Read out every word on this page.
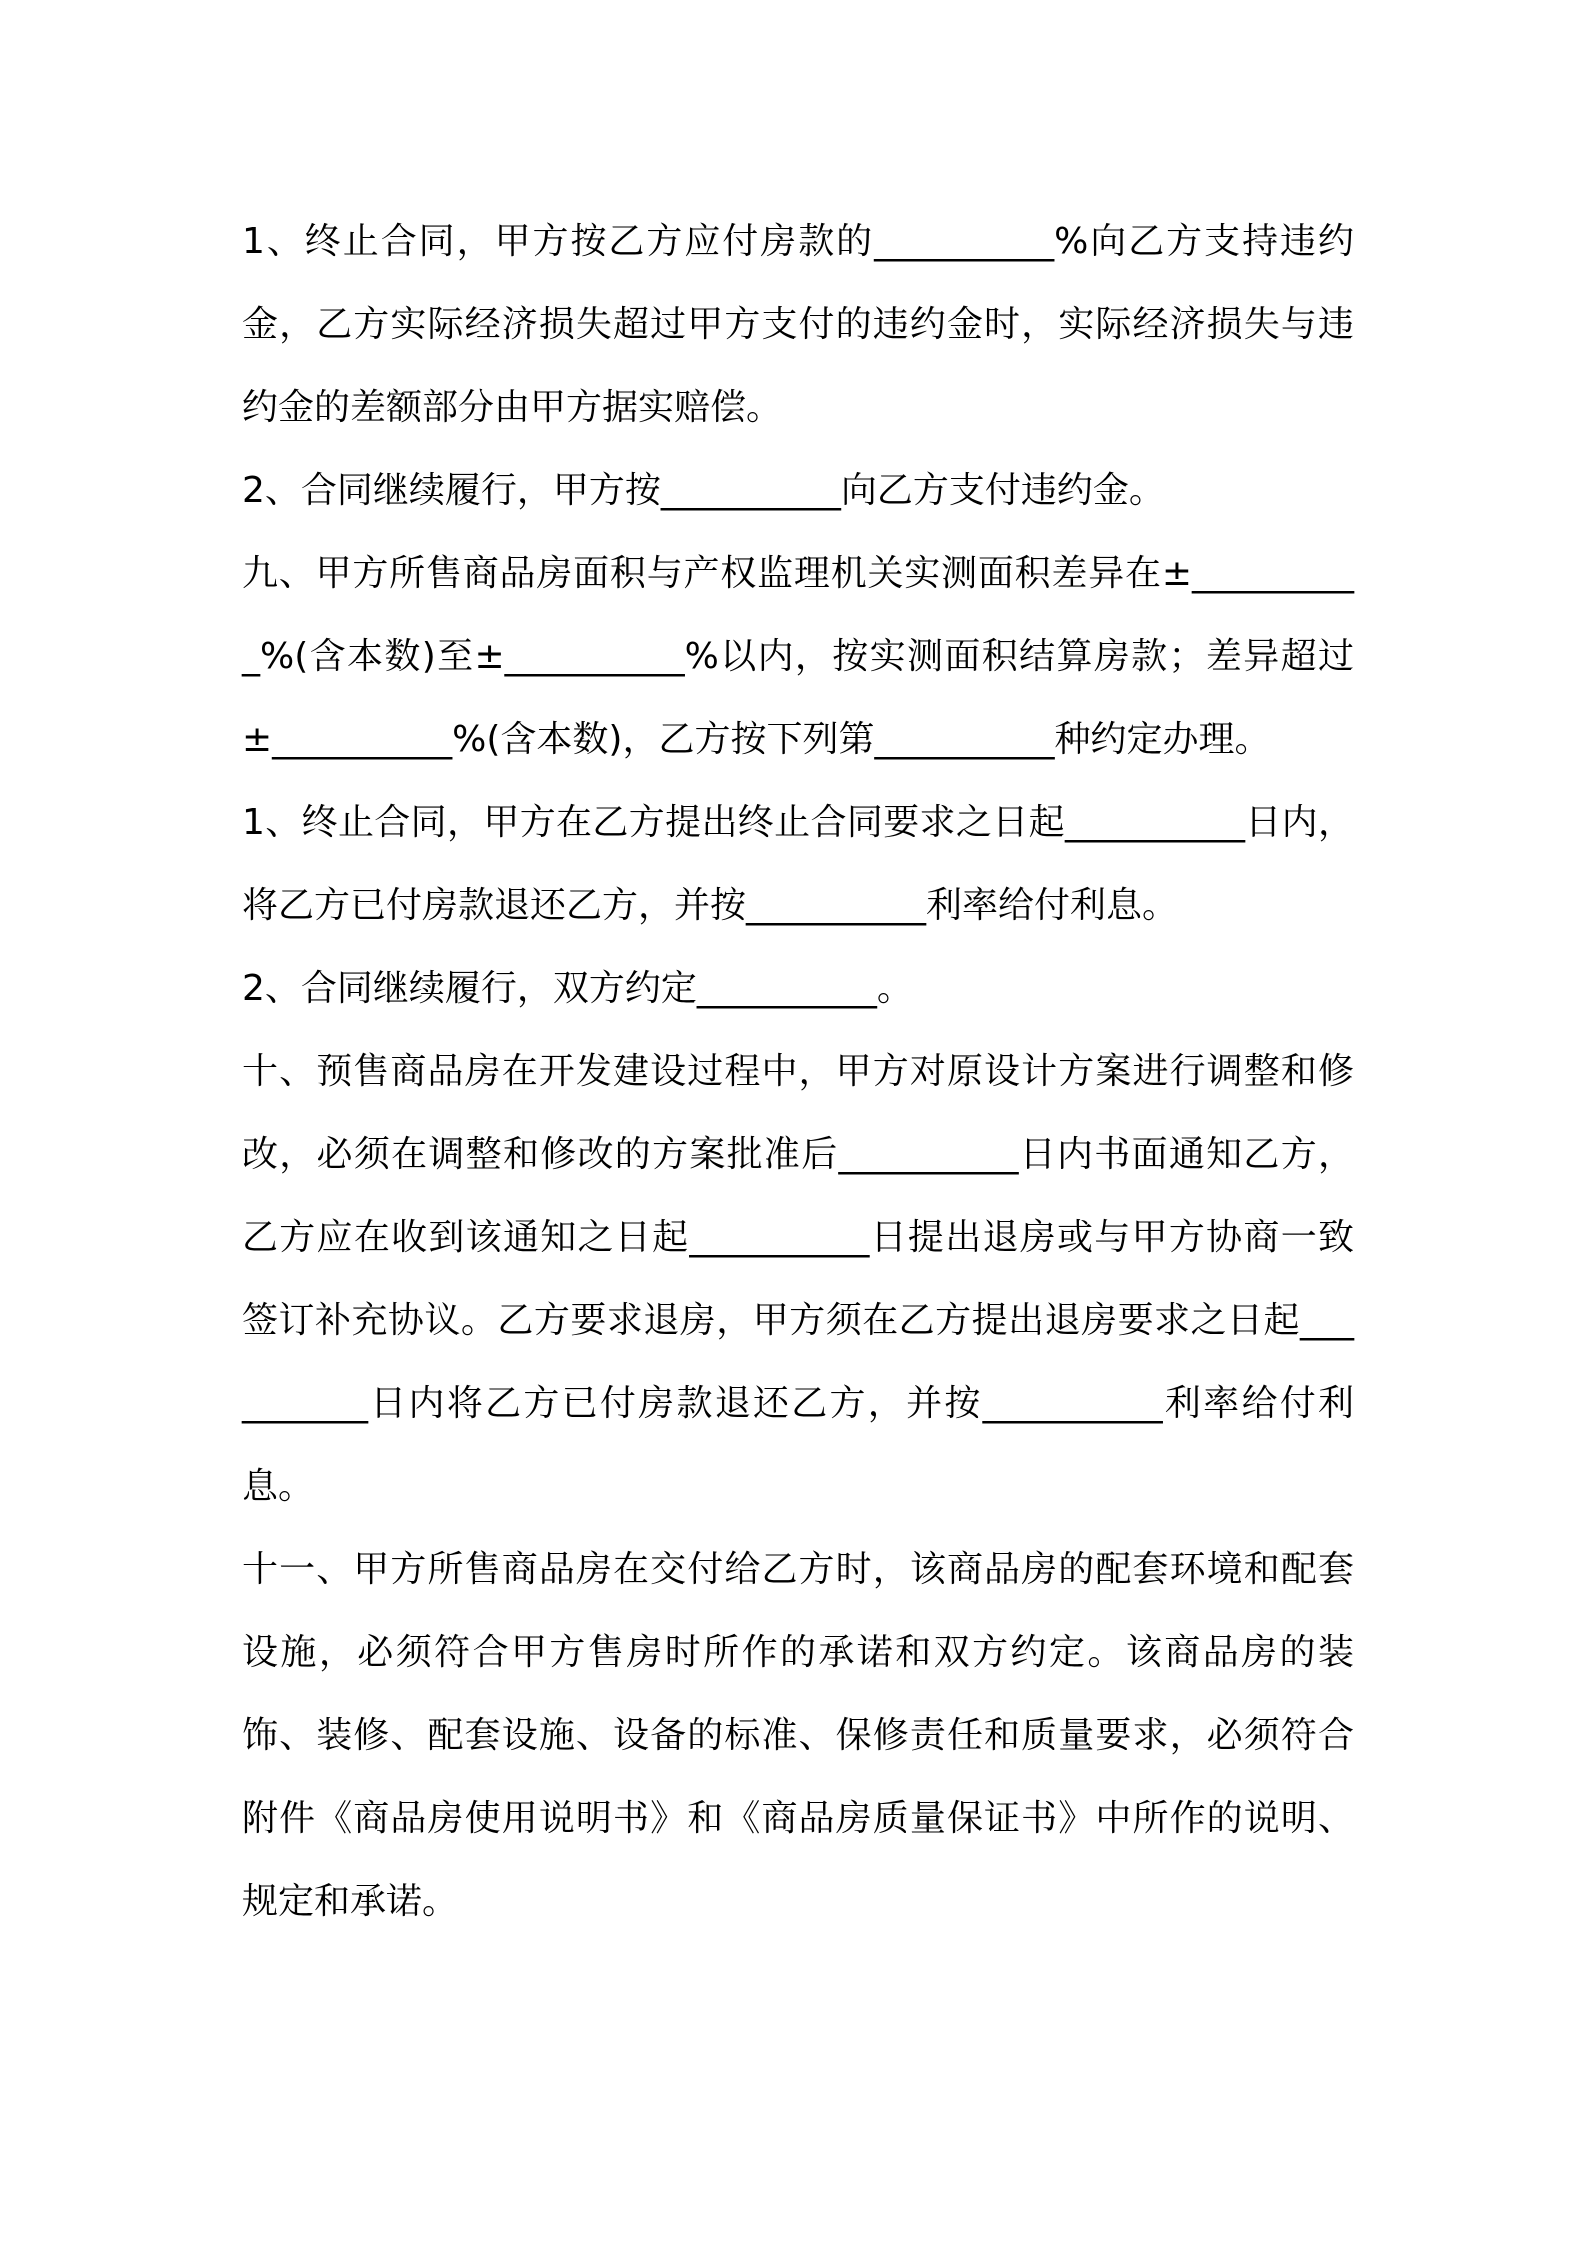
1、终止合同，甲方按乙方应付房款的__________%向乙方支持违约金，乙方实际经济损失超过甲方支付的违约金时，实际经济损失与违约金的差额部分由甲方据实赔偿。

2、合同继续履行，甲方按__________向乙方支付违约金。

九、甲方所售商品房面积与产权监理机关实测面积差异在±__________%(含本数)至±__________%以内，按实测面积结算房款；差异超过±__________%(含本数)，乙方按下列第__________种约定办理。

1、终止合同，甲方在乙方提出终止合同要求之日起__________日内，将乙方已付房款退还乙方，并按__________利率给付利息。

2、合同继续履行，双方约定__________。

十、预售商品房在开发建设过程中，甲方对原设计方案进行调整和修改，必须在调整和修改的方案批准后__________日内书面通知乙方，乙方应在收到该通知之日起__________日提出退房或与甲方协商一致签订补充协议。乙方要求退房，甲方须在乙方提出退房要求之日起__________日内将乙方已付房款退还乙方，并按__________利率给付利息。

十一、甲方所售商品房在交付给乙方时，该商品房的配套环境和配套设施，必须符合甲方售房时所作的承诺和双方约定。该商品房的装饰、装修、配套设施、设备的标准、保修责任和质量要求，必须符合附件《商品房使用说明书》和《商品房质量保证书》中所作的说明、规定和承诺。
